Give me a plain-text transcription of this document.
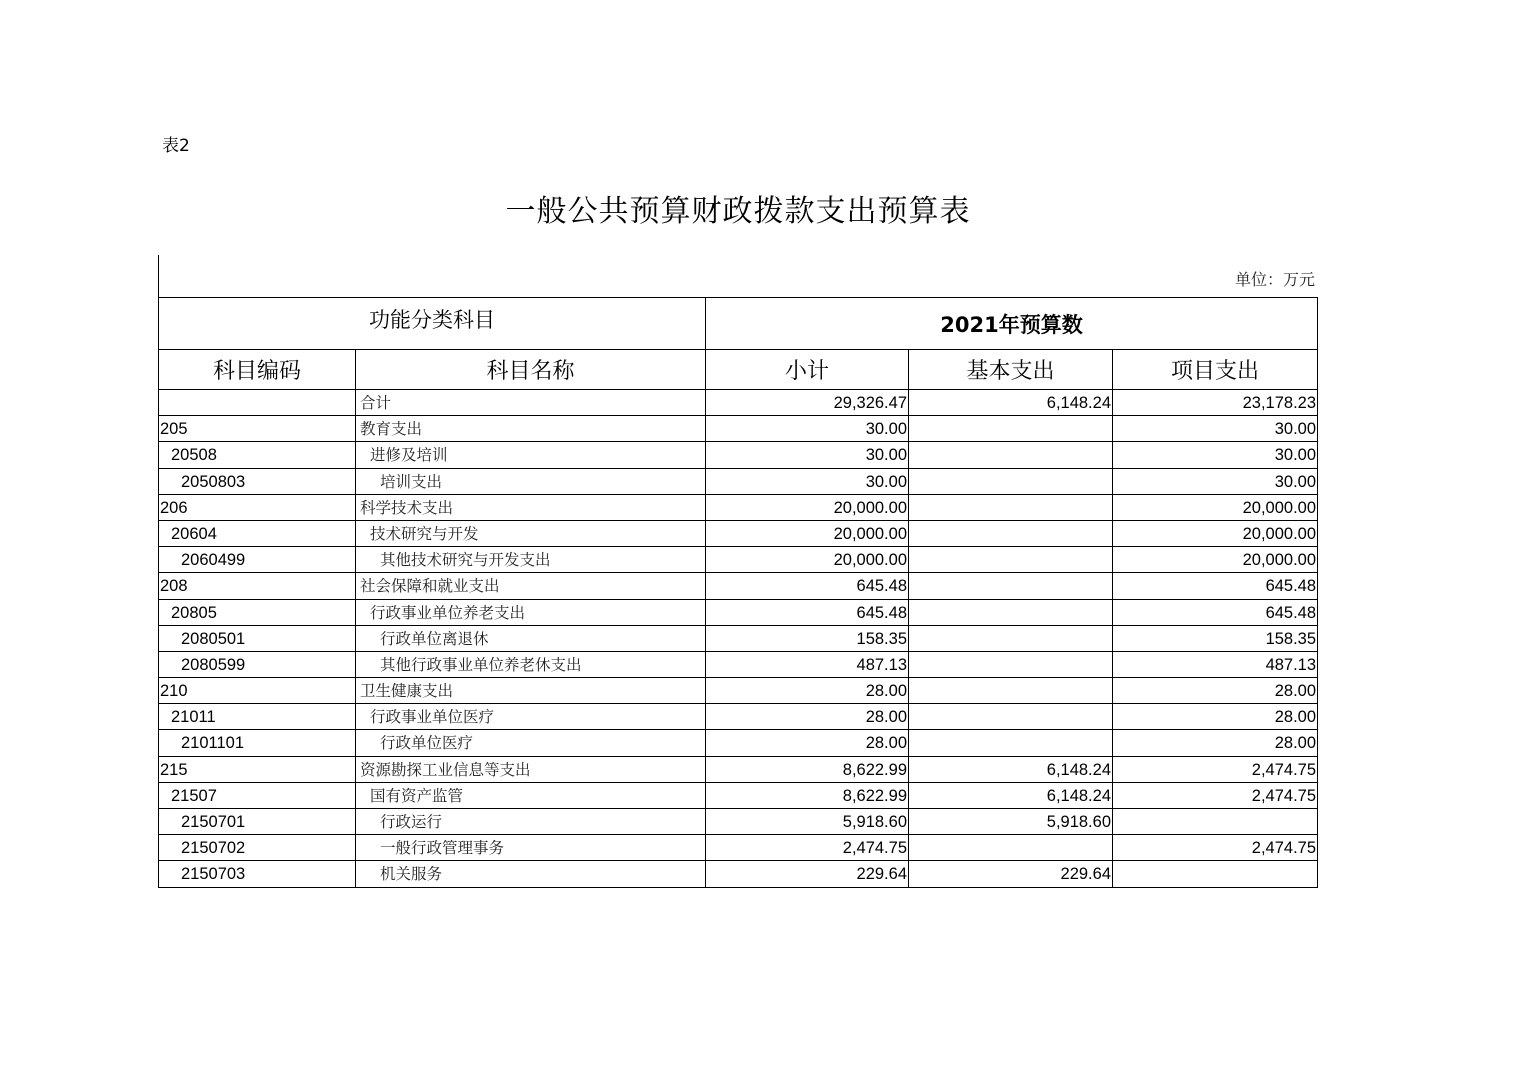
表2
一般公共预算财政拨款支出预算表
单位：万元
功能分类科目		2021年预算数		
科目编码	科目名称	小计	基本支出	项目支出
	合计	29,326.47	6,148.24	23,178.23
205	教育支出	30.00		30.00
20508	进修及培训	30.00		30.00
2050803	培训支出	30.00		30.00
206	科学技术支出	20,000.00		20,000.00
20604	技术研究与开发	20,000.00		20,000.00
2060499	其他技术研究与开发支出	20,000.00		20,000.00
208	社会保障和就业支出	645.48		645.48
20805	行政事业单位养老支出	645.48		645.48
2080501	行政单位离退休	158.35		158.35
2080599	其他行政事业单位养老休支出	487.13		487.13
210	卫生健康支出	28.00		28.00
21011	行政事业单位医疗	28.00		28.00
2101101	行政单位医疗	28.00		28.00
215	资源勘探工业信息等支出	8,622.99	6,148.24	2,474.75
21507	国有资产监管	8,622.99	6,148.24	2,474.75
2150701	行政运行	5,918.60	5,918.60	
2150702	一般行政管理事务	2,474.75		2,474.75
2150703	机关服务	229.64	229.64	
